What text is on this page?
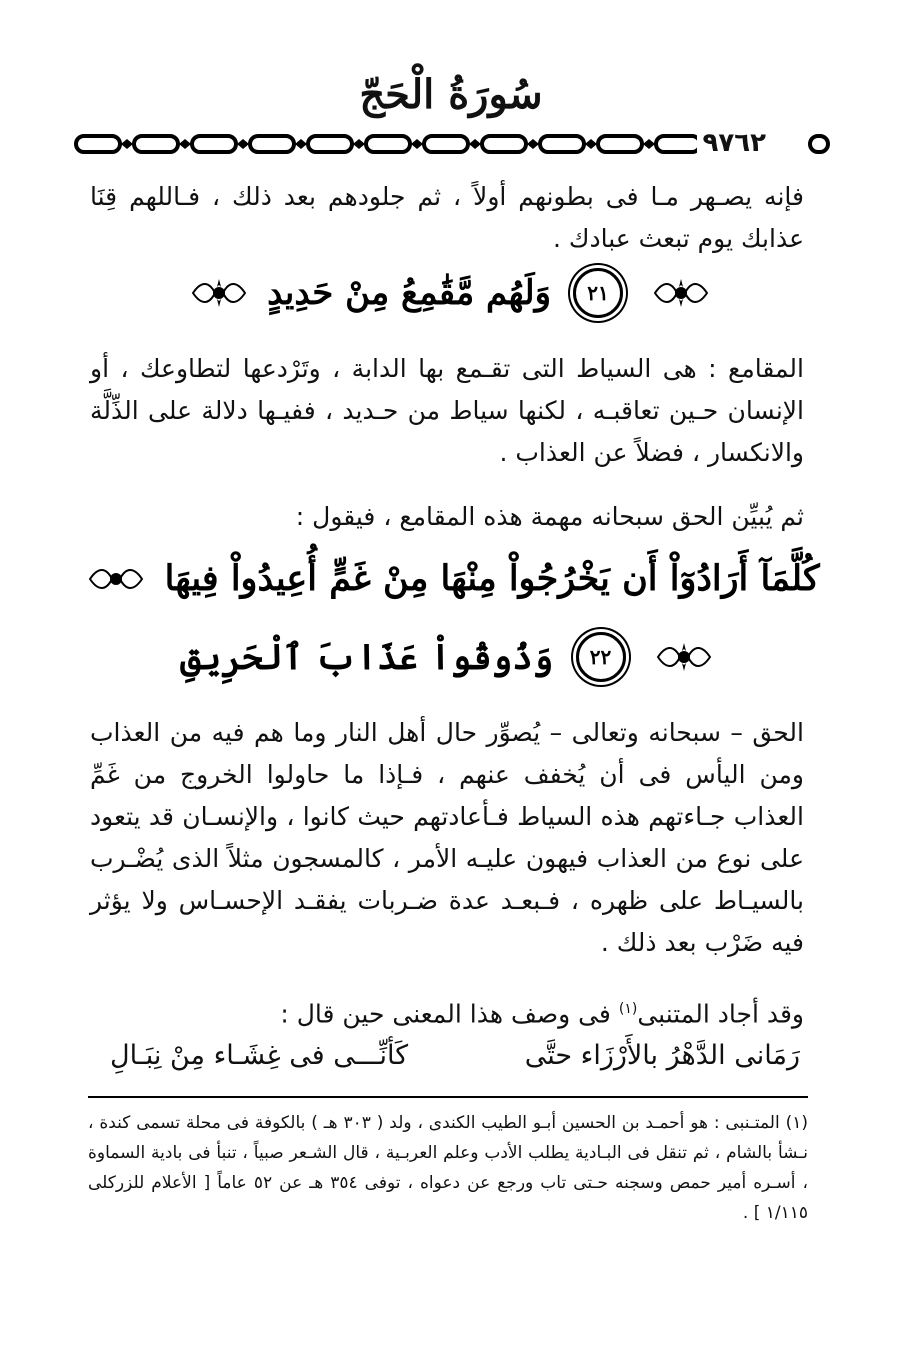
سُورَةُ الْحَجّ
٩٧٦٢
فإنه يصـهر مـا فى بطونهم أولاً ، ثم جلودهم بعد ذلك ، فـاللهم قِنَا عذابك يوم تبعث عبادك .
٢١ وَلَهُم مَّقَٰمِعُ مِنْ حَدِيدٍ
المقامع : هى السياط التى تقـمع بها الدابة ، وتَرْدعها لتطاوعك ، أو الإنسان حـين تعاقبـه ، لكنها سياط من حـديد ، ففيـها دلالة على الذِّلَّة والانكسار ، فضلاً عن العذاب .
ثم يُبيِّن الحق سبحانه مهمة هذه المقامع ، فيقول :
كُلَّمَآ أَرَادُوٓاْ أَن يَخْرُجُواْ مِنْهَا مِنْ غَمٍّ أُعِيدُواْ فِيهَا
٢٢ وَذُوقُواْ عَذَابَ ٱلْحَرِيقِ
الحق – سبحانه وتعالى – يُصوِّر حال أهل النار وما هم فيه من العذاب ومن اليأس فى أن يُخفف عنهم ، فـإذا ما حاولوا الخروج من غَمِّ العذاب جـاءتهم هذه السياط فـأعادتهم حيث كانوا ، والإنسـان قد يتعود على نوع من العذاب فيهون عليـه الأمر ، كالمسجون مثلاً الذى يُضْـرب بالسيـاط على ظهره ، فـبعـد عدة ضـربات يفقـد الإحسـاس ولا يؤثر فيه ضَرْب بعد ذلك .
وقد أجاد المتنبى$^{(١)}$ فى وصف هذا المعنى حين قال :
رَمَانى الدَّهْرُ بالأَرْزَاء حتَّى
كَأنِّـــى فى غِشَـاء مِنْ نِبَـالِ
(١) المتـنبى : هو أحمـد بن الحسين أبـو الطيب الكندى ، ولد ( ٣٠٣ هـ ) بالكوفة فى محلة تسمى كندة ، نـشأ بالشام ، ثم تنقل فى البـادية يطلب الأدب وعلم العربـية ، قال الشـعر صبياً ، تنبأ فى بادية السماوة ، أسـره أمير حمص وسجنه حـتى تاب ورجع عن دعواه ، توفى ٣٥٤ هـ عن ٥٢ عاماً [ الأعلام للزركلى ١/١١٥ ] .
